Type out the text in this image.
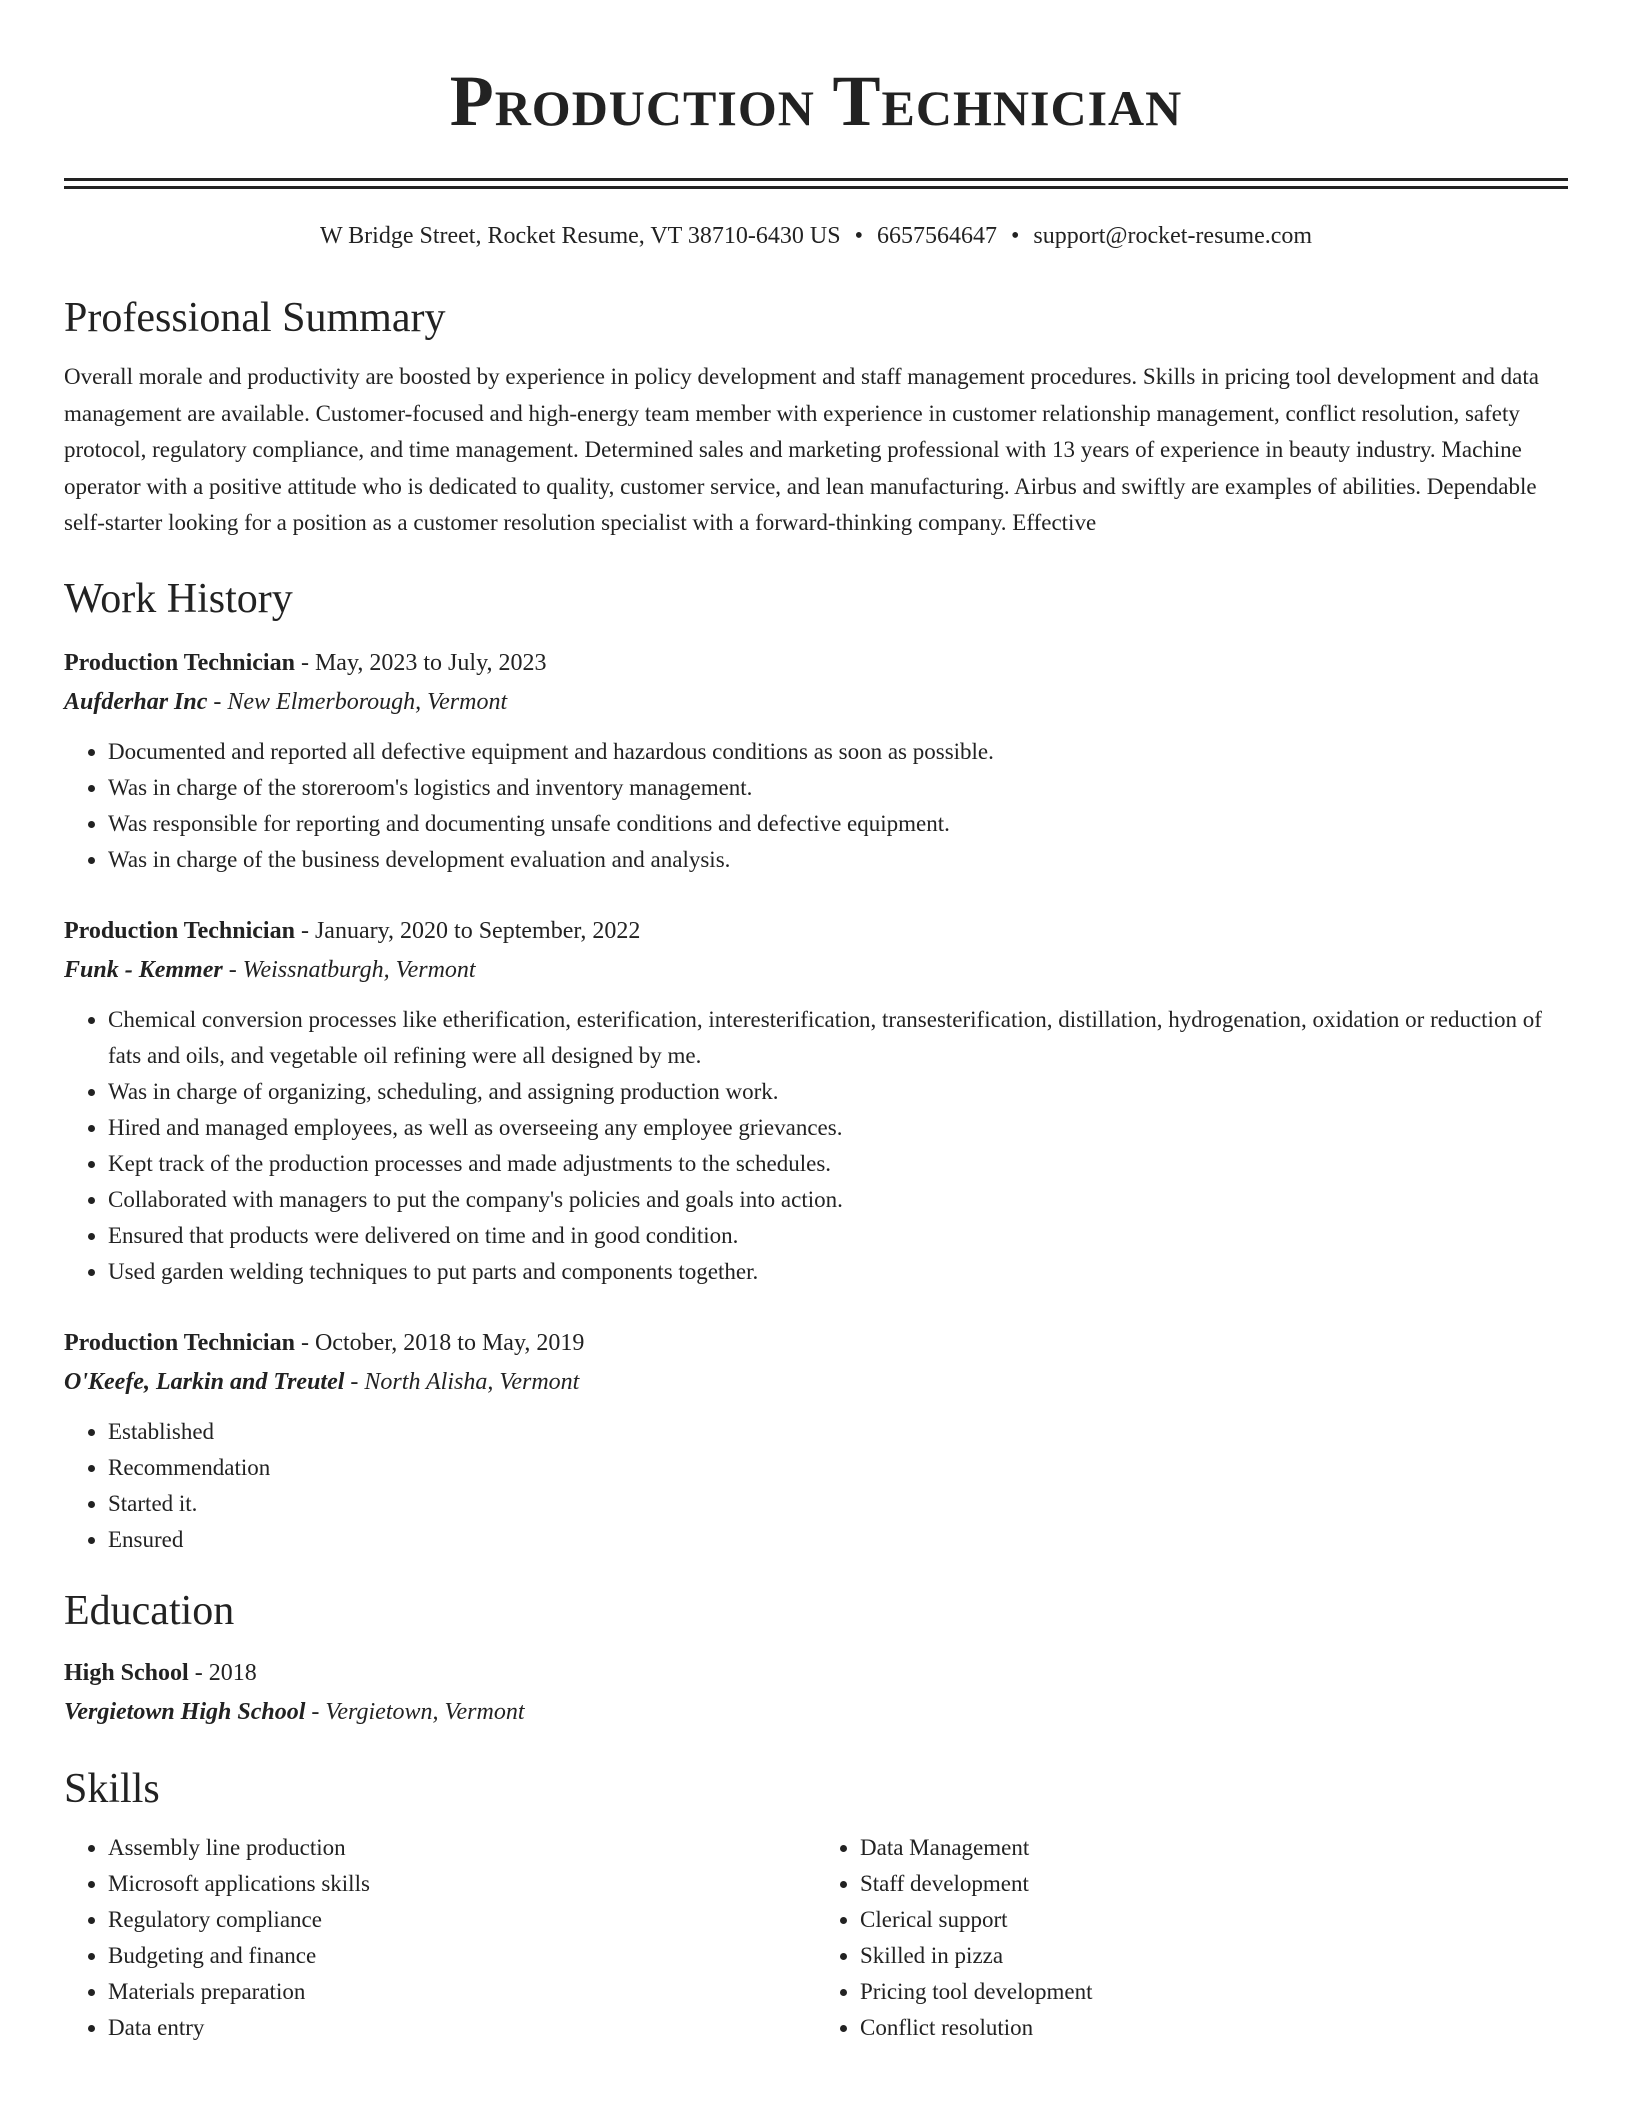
Production Technician
W Bridge Street, Rocket Resume, VT 38710-6430 US • 6657564647 • support@rocket-resume.com
Professional Summary
Overall morale and productivity are boosted by experience in policy development and staff management procedures. Skills in pricing tool development and data management are available. Customer-focused and high-energy team member with experience in customer relationship management, conflict resolution, safety protocol, regulatory compliance, and time management. Determined sales and marketing professional with 13 years of experience in beauty industry. Machine operator with a positive attitude who is dedicated to quality, customer service, and lean manufacturing. Airbus and swiftly are examples of abilities. Dependable self-starter looking for a position as a customer resolution specialist with a forward-thinking company. Effective
Work History
Production Technician - May, 2023 to July, 2023
Aufderhar Inc - New Elmerborough, Vermont
• Documented and reported all defective equipment and hazardous conditions as soon as possible.
• Was in charge of the storeroom's logistics and inventory management.
• Was responsible for reporting and documenting unsafe conditions and defective equipment.
• Was in charge of the business development evaluation and analysis.
Production Technician - January, 2020 to September, 2022
Funk - Kemmer - Weissnatburgh, Vermont
• Chemical conversion processes like etherification, esterification, interesterification, transesterification, distillation, hydrogenation, oxidation or reduction of fats and oils, and vegetable oil refining were all designed by me.
• Was in charge of organizing, scheduling, and assigning production work.
• Hired and managed employees, as well as overseeing any employee grievances.
• Kept track of the production processes and made adjustments to the schedules.
• Collaborated with managers to put the company's policies and goals into action.
• Ensured that products were delivered on time and in good condition.
• Used garden welding techniques to put parts and components together.
Production Technician - October, 2018 to May, 2019
O'Keefe, Larkin and Treutel - North Alisha, Vermont
• Established
• Recommendation
• Started it.
• Ensured
Education
High School - 2018
Vergietown High School - Vergietown, Vermont
Skills
• Assembly line production
• Microsoft applications skills
• Regulatory compliance
• Budgeting and finance
• Materials preparation
• Data entry
• Data Management
• Staff development
• Clerical support
• Skilled in pizza
• Pricing tool development
• Conflict resolution
